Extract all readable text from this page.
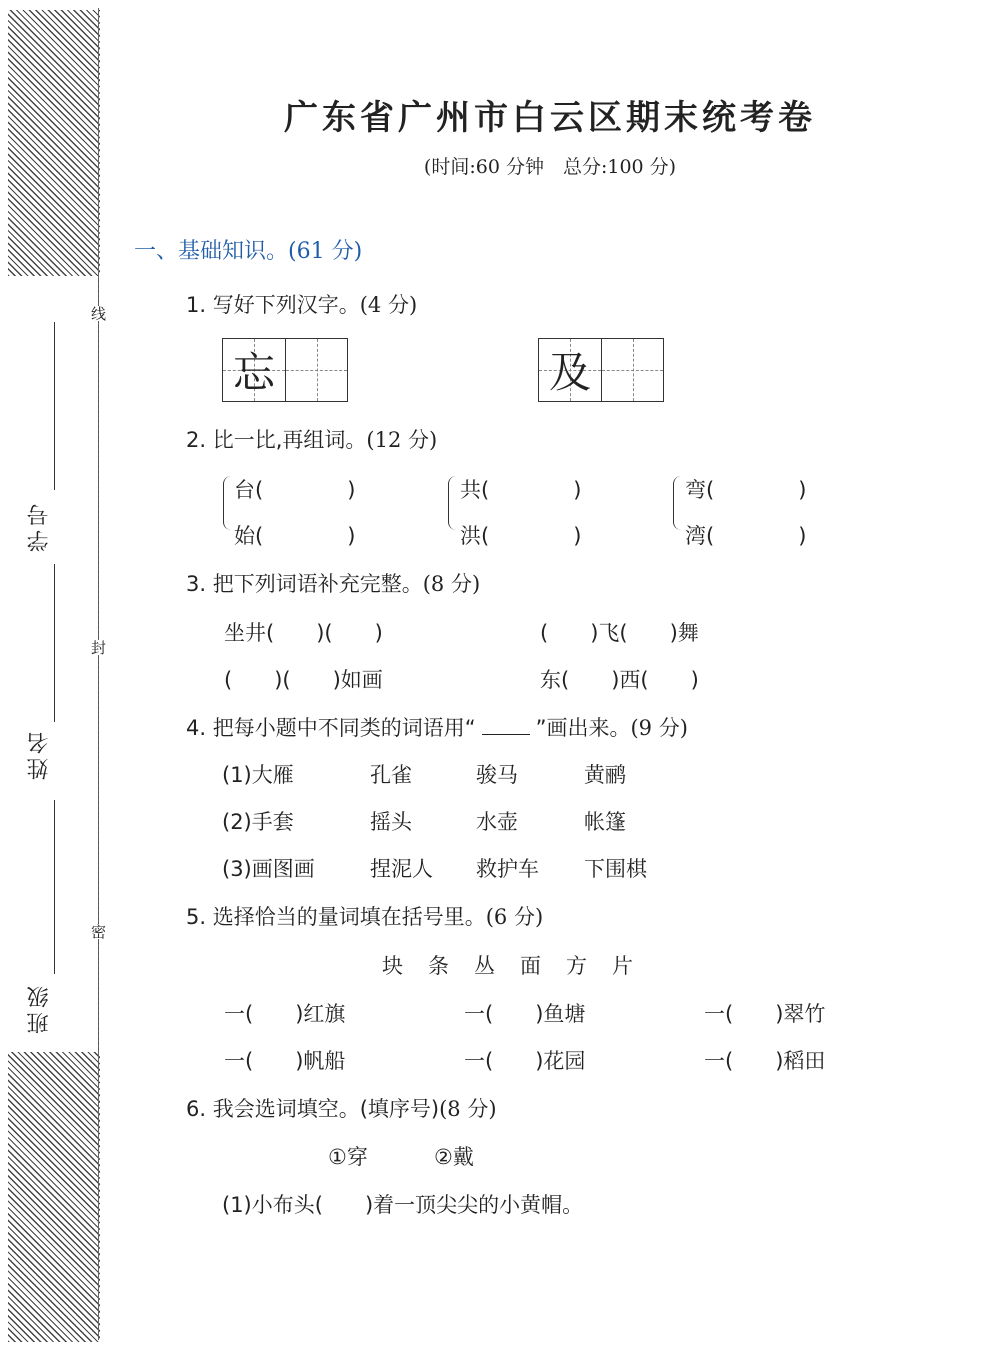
线
封
密
学号
姓名
班级
广东省广州市白云区期末统考卷
(时间:60 分钟　总分:100 分)
一、基础知识。(61 分)
1. 写好下列汉字。(4 分)
忘	及
2. 比一比,再组词。(12 分)
台(　　　　)
始(　　　　)
共(　　　　)
洪(　　　　)
弯(　　　　)
湾(　　　　)
3. 把下列词语补充完整。(8 分)
坐井(　　)(　　)	(　　)飞(　　)舞
(　　)(　　)如画	东(　　)西(　　)
4. 把每小题中不同类的词语用“	”画出来。(9 分)
(1)大雁	孔雀	骏马	黄鹂
(2)手套	摇头	水壶	帐篷
(3)画图画	捏泥人 救护车 下围棋
5. 选择恰当的量词填在括号里。(6 分)
块　条　丛　面　方　片
一(　　)红旗	一(　　)鱼塘	一(　　)翠竹
一(　　)帆船	一(　　)花园	一(　　)稻田
6. 我会选词填空。(填序号)(8 分)
①穿	②戴
(1)小布头(　　)着一顶尖尖的小黄帽。
